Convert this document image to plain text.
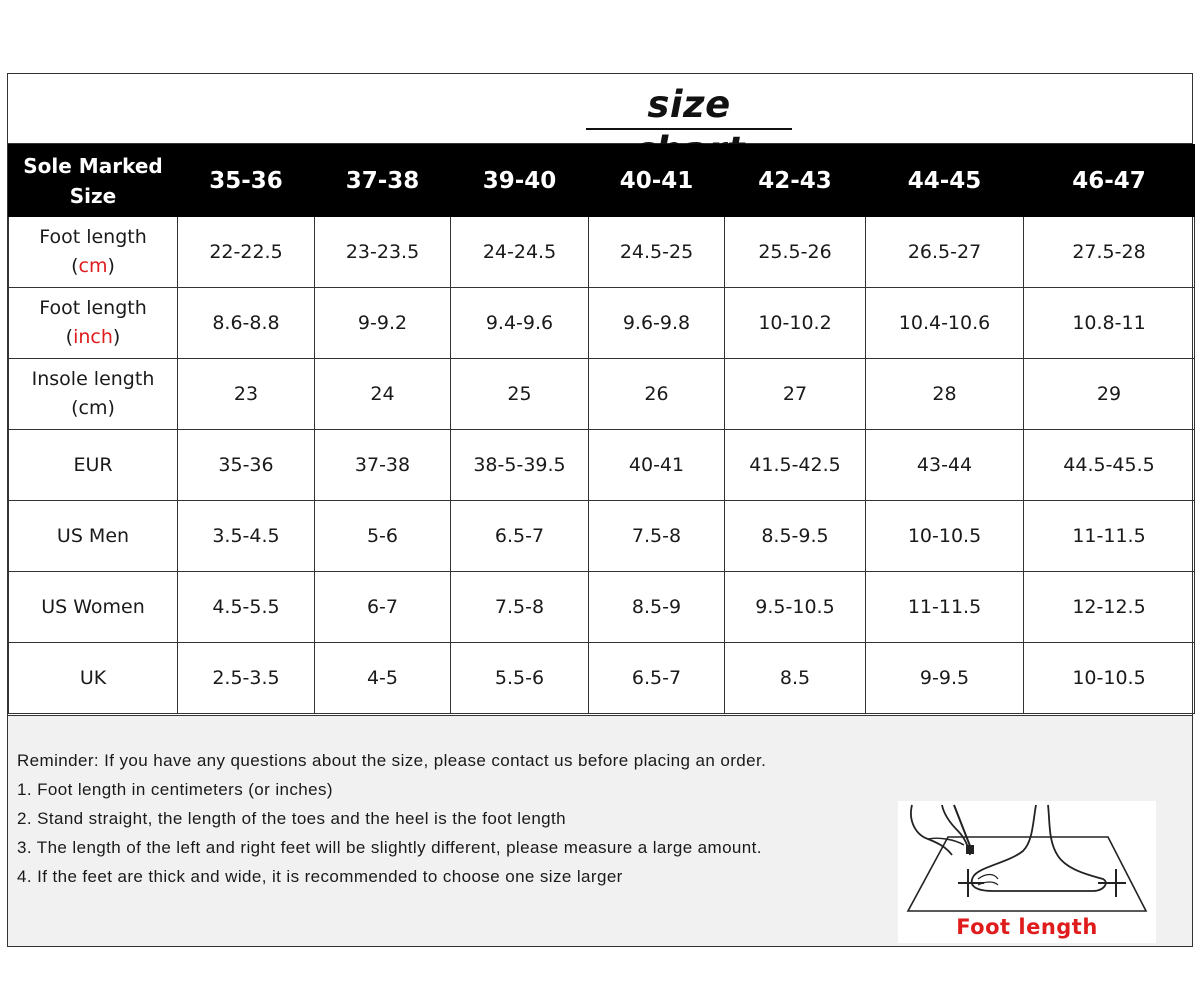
size
Sole Marked Size	35-36	37-38	39-40	40-41	42-43	44-45	46-47
Foot length
(cm)	22-22.5	23-23.5	24-24.5	24.5-25	25.5-26	26.5-27	27.5-28
Foot length
(inch)	8.6-8.8	9-9.2	9.4-9.6	9.6-9.8	10-10.2	10.4-10.6	10.8-11
Insole length
(cm)	23	24	25	26	27	28	29
EUR	35-36	37-38	38-5-39.5	40-41	41.5-42.5	43-44	44.5-45.5
US Men	3.5-4.5	5-6	6.5-7	7.5-8	8.5-9.5	10-10.5	11-11.5
US Women	4.5-5.5	6-7	7.5-8	8.5-9	9.5-10.5	11-11.5	12-12.5
UK	2.5-3.5	4-5	5.5-6	6.5-7	8.5	9-9.5	10-10.5

Reminder: If you have any questions about the size, please contact us before placing an order.

1. Foot length in centimeters (or inches)

2. Stand straight, the length of the toes and the heel is the foot length

3. The length of the left and right feet will be slightly different, please measure a large amount.

4. If the feet are thick and wide, it is recommended to choose one size larger

Foot length
